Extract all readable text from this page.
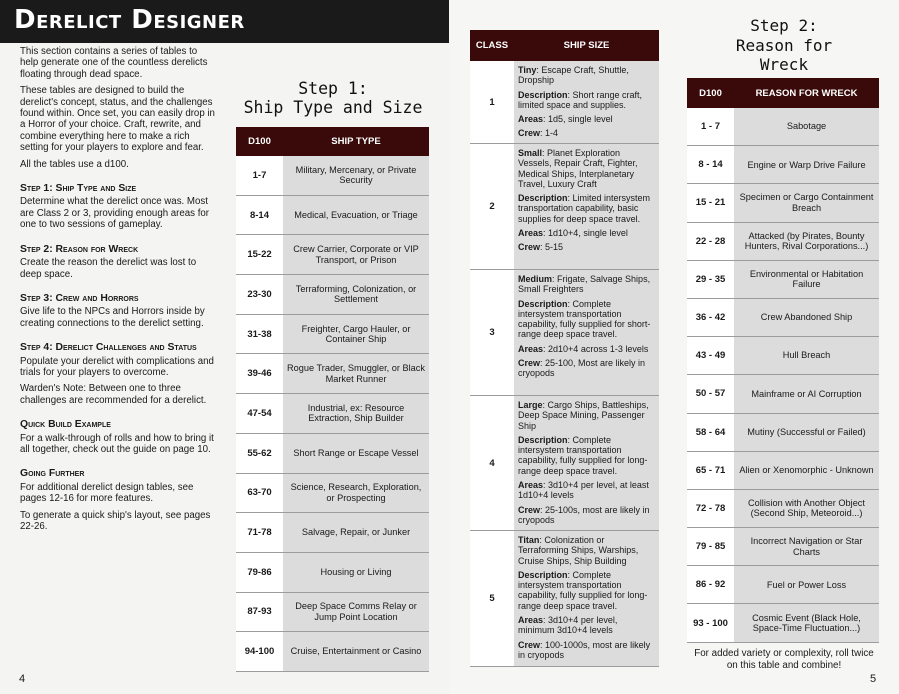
Derelict Designer

This section contains a series of tables to help generate one of the countless derelicts floating through dead space.

These tables are designed to build the derelict's concept, status, and the challenges found within. Once set, you can easily drop in a Horror of your choice. Craft, rewrite, and combine everything here to make a rich setting for your players to explore and fear.

All the tables use a d100.

Step 1: Ship Type and Size

Determine what the derelict once was. Most are Class 2 or 3, providing enough areas for one to two sessions of gameplay.

Step 2: Reason for Wreck

Create the reason the derelict was lost to deep space.

Step 3: Crew and Horrors

Give life to the NPCs and Horrors inside by creating connections to the derelict setting.

Step 4: Derelict Challenges and Status

Populate your derelict with complications and trials for your players to overcome.

Warden's Note: Between one to three challenges are recommended for a derelict.

Quick Build Example

For a walk-through of rolls and how to bring it all together, check out the guide on page 10.

Going Further

For additional derelict design tables, see pages 12-16 for more features.

To generate a quick ship's layout, see pages 22-26.

Step 1:
Ship Type and Size
D100	SHIP TYPE
1-7	Military, Mercenary, or Private Security
8-14	Medical, Evacuation, or Triage
15-22	Crew Carrier, Corporate or VIP Transport, or Prison
23-30	Terraforming, Colonization, or Settlement
31-38	Freighter, Cargo Hauler, or Container Ship
39-46	Rogue Trader, Smuggler, or Black Market Runner
47-54	Industrial, ex: Resource Extraction, Ship Builder
55-62	Short Range or Escape Vessel
63-70	Science, Research, Exploration, or Prospecting
71-78	Salvage, Repair, or Junker
79-86	Housing or Living
87-93	Deep Space Comms Relay or Jump Point Location
94-100	Cruise, Entertainment or Casino
4
CLASS	SHIP SIZE
1

Tiny: Escape Craft, Shuttle, Dropship

Description: Short range craft, limited space and supplies.

Areas: 1d5, single level

Crew: 1-4

2

Small: Planet Exploration Vessels, Repair Craft, Fighter, Medical Ships, Interplanetary Travel, Luxury Craft

Description: Limited intersystem transportation capability, basic supplies for deep space travel.

Areas: 1d10+4, single level

Crew: 5-15

3

Medium: Frigate, Salvage Ships, Small Freighters

Description: Complete intersystem transportation capability, fully supplied for short-range deep space travel.

Areas: 2d10+4 across 1-3 levels

Crew: 25-100, Most are likely in cryopods

4

Large: Cargo Ships, Battleships, Deep Space Mining, Passenger Ship

Description: Complete intersystem transportation capability, fully supplied for long-range deep space travel.

Areas: 3d10+4 per level, at least 1d10+4 levels

Crew: 25-100s, most are likely in cryopods

5

Titan: Colonization or Terraforming Ships, Warships, Cruise Ships, Ship Building

Description: Complete intersystem transportation capability, fully supplied for long-range deep space travel.

Areas: 3d10+4 per level, minimum 3d10+4 levels

Crew: 100-1000s, most are likely in cryopods

Step 2:
Reason for
Wreck
D100	REASON FOR WRECK
1 - 7	Sabotage
8 - 14	Engine or Warp Drive Failure
15 - 21	Specimen or Cargo Containment Breach
22 - 28	Attacked (by Pirates, Bounty Hunters, Rival Corporations...)
29 - 35	Environmental or Habitation Failure
36 - 42	Crew Abandoned Ship
43 - 49	Hull Breach
50 - 57	Mainframe or AI Corruption
58 - 64	Mutiny (Successful or Failed)
65 - 71	Alien or Xenomorphic - Unknown
72 - 78	Collision with Another Object (Second Ship, Meteoroid...)
79 - 85	Incorrect Navigation or Star Charts
86 - 92	Fuel or Power Loss
93 - 100	Cosmic Event (Black Hole, Space-Time Fluctuation...)
For added variety or complexity, roll twice on this table and combine!
5
